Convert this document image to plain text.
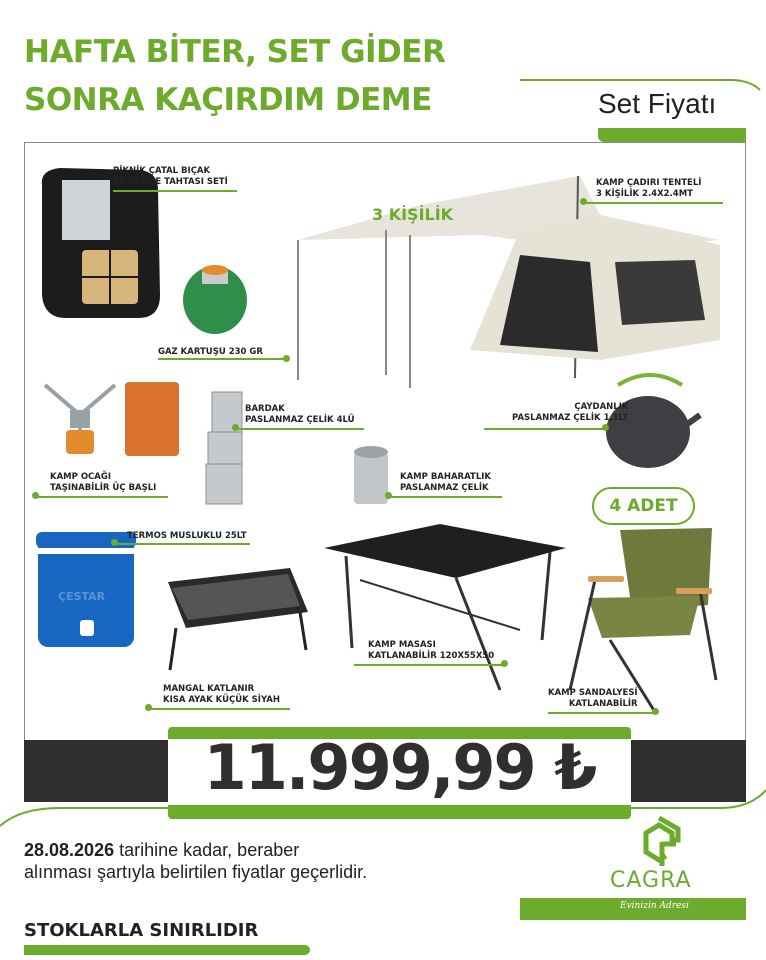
HAFTA BİTER, SET GİDER
SONRA KAÇIRDIM DEME	Set Fiyatı
ÇESTAR
PİKNİK ÇATAL BIÇAK
VE KESME TAHTASI SETİ
GAZ KARTUŞU 230 GR
KAMP ÇADIRI TENTELİ
3 KİŞİLİK 2.4X2.4MT
3 KİŞİLİK
BARDAK
PASLANMAZ ÇELİK 4LÜ
ÇAYDANLIK
PASLANMAZ ÇELİK 1,1LT
KAMP OCAĞI
TAŞINABİLİR ÜÇ BAŞLI
KAMP BAHARATLIK
PASLANMAZ ÇELİK
TERMOS MUSLUKLU 25LT
KAMP MASASI
KATLANABİLİR 120X55X50
MANGAL KATLANIR
KISA AYAK KÜÇÜK SİYAH
KAMP SANDALYESİ
KATLANABİLİR
4 ADET
11.999,99 ₺
28.08.2026 tarihine kadar, beraber
alınması şartıyla belirtilen fiyatlar geçerlidir.	CAGRA
Evinizin Adresi
STOKLARLA SINIRLIDIR
